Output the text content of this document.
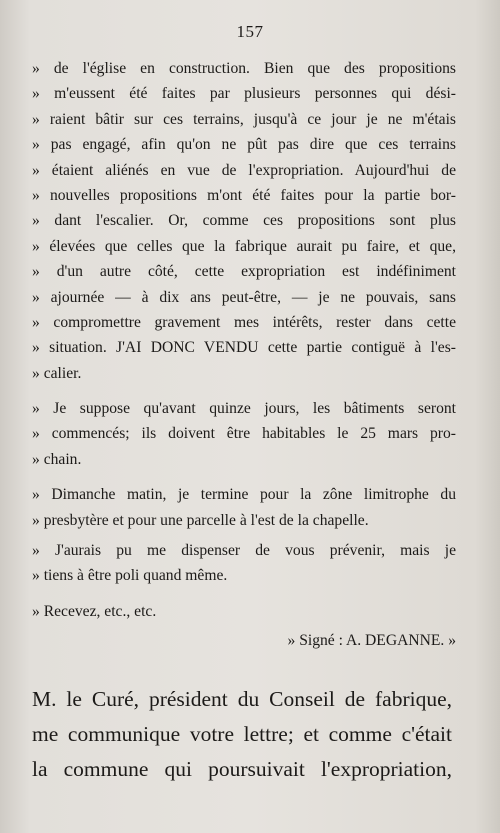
157
» de l'église en construction. Bien que des propositions
» m'eussent été faites par plusieurs personnes qui dési-
» raient bâtir sur ces terrains, jusqu'à ce jour je ne m'étais
» pas engagé, afin qu'on ne pût pas dire que ces terrains
» étaient aliénés en vue de l'expropriation. Aujourd'hui de
» nouvelles propositions m'ont été faites pour la partie bor-
» dant l'escalier. Or, comme ces propositions sont plus
» élevées que celles que la fabrique aurait pu faire, et que,
» d'un autre côté, cette expropriation est indéfiniment
» ajournée — à dix ans peut-être, — je ne pouvais, sans
» compromettre gravement mes intérêts, rester dans cette
» situation. J'AI DONC VENDU cette partie contiguë à l'es-
» calier.
» Je suppose qu'avant quinze jours, les bâtiments seront
» commencés; ils doivent être habitables le 25 mars pro-
» chain.
» Dimanche matin, je termine pour la zône limitrophe du
» presbytère et pour une parcelle à l'est de la chapelle.
» J'aurais pu me dispenser de vous prévenir, mais je
» tiens à être poli quand même.
» Recevez, etc., etc.
» Signé : A. DEGANNE. »
M. le Curé, président du Conseil de fabrique,
me communique votre lettre; et comme c'était
la commune qui poursuivait l'expropriation,
